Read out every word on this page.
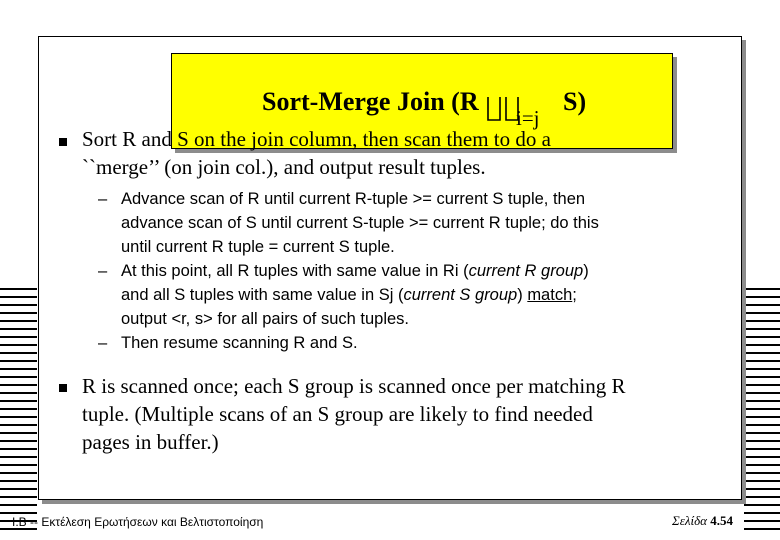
Sort-Merge Join (R
i=j
S)
Sort R and S on the join column, then scan them to do a
``merge’’ (on join col.), and output result tuples.
– Advance scan of R until current R-tuple >= current S tuple, then
advance scan of S until current S-tuple >= current R tuple; do this
until current R tuple = current S tuple.
– At this point, all R tuples with same value in Ri (current R group)
and all S tuples with same value in Sj (current S group) match;
output <r, s> for all pairs of such tuples.
– Then resume scanning R and S.
R is scanned once; each S group is scanned once per matching R
tuple. (Multiple scans of an S group are likely to find needed
pages in buffer.)
Ι.Β -- Εκτέλεση Ερωτήσεων και Βελτιστοποίηση	Σελίδα 4.54
